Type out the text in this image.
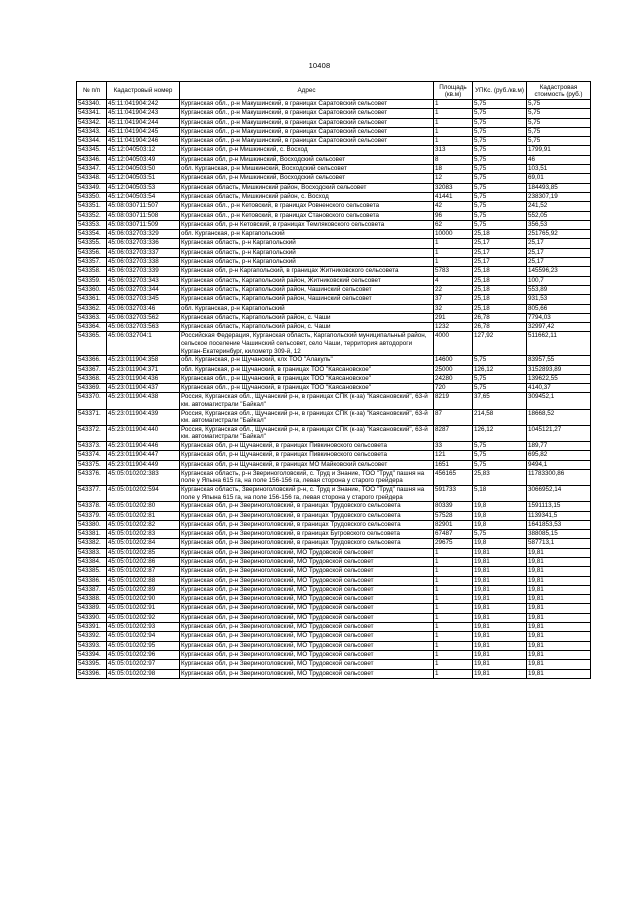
10408
№ п/п	Кадастровый номер	Адрес	Площадь (кв.м)	УПКс. (руб./кв.м)	Кадастровая стоимость (руб.)
543340.	45:11:041904:242	Курганская обл., р-н Макушинский, в границах Саратовский сельсовет	1	5,75	5,75
543341.	45:11:041904:243	Курганская обл., р-н Макушинский, в границах Саратовский сельсовет	1	5,75	5,75
543342.	45:11:041904:244	Курганская обл., р-н Макушинский, в границах Саратовский сельсовет	1	5,75	5,75
543343.	45:11:041904:245	Курганская обл., р-н Макушинский, в границах Саратовский сельсовет	1	5,75	5,75
543344.	45:11:041904:246	Курганская обл., р-н Макушинский, в границах Саратовский сельсовет	1	5,75	5,75
543345.	45:12:040503:12	Курганская обл, р-н Мишкинский, с. Восход	313	5,75	1799,91
543346.	45:12:040503:49	Курганская обл, р-н Мишкинский, Восходский сельсовет	8	5,75	46
543347.	45:12:040503:50	обл. Курганская, р-н Мишкинский, Восходский сельсовет	18	5,75	103,51
543348.	45:12:040503:51	Курганская обл, р-н Мишкинский, Восходский сельсовет	12	5,75	69,01
543349.	45:12:040503:53	Курганская область, Мишкинский район, Восходский сельсовет	32083	5,75	184493,85
543350.	45:12:040503:54	Курганская область, Мишкинский район, с. Восход	41441	5,75	238307,19
543351.	45:08:030711:507	Курганская обл., р-н Кетовский, в границах Ровненского сельсовета	42	5,75	241,52
543352.	45:08:030711:508	Курганская обл., р-н Кетовский, в границах Становского сельсовета	96	5,75	552,05
543353.	45:08:030711:509	Курганская обл, р-н Кетовский, в границах Темляковского сельсовета	62	5,75	356,53
543354.	45:06:032703:329	обл. Курганская, р-н Каргапольский	10000	25,18	251765,92
543355.	45:06:032703:336	Курганская область, р-н Каргапольский	1	25,17	25,17
543356.	45:06:032703:337	Курганская область, р-н Каргапольский	1	25,17	25,17
543357.	45:06:032703:338	Курганская область, р-н Каргапольский	1	25,17	25,17
543358.	45:06:032703:339	Курганская обл, р-н Каргапольский, в границах Житниковского сельсовета	5783	25,18	145596,23
543359.	45:06:032703:343	Курганская область, Каргапольский район, Житниковский сельсовет	4	25,18	100,7
543360.	45:06:032703:344	Курганская область, Каргапольский район, Чашинский сельсовет	22	25,18	553,89
543361.	45:06:032703:345	Курганская область, Каргапольский район, Чашинский сельсовет	37	25,18	931,53
543362.	45:06:032703:46	обл. Курганская, р-н Каргапольский	32	25,18	805,66
543363.	45:06:032703:562	Курганская область, Каргапольский район, с. Чаши	291	26,78	7794,03
543364.	45:06:032703:563	Курганская область, Каргапольский район, с. Чаши	1232	26,78	32997,42
543365.	45:06:032704:1	Российская Федерация, Курганская область, Каргапольский муниципальный район, сельское поселение Чашинский сельсовет, село Чаши, территория автодороги Курган-Екатеринбург, километр 309-й, 12	4000	127,92	511662,11
543366.	45:23:011904:358	обл. Курганская, р-н Щучанский, клх ТОО "Алакуль"	14600	5,75	83957,55
543367.	45:23:011904:371	обл. Курганская, р-н Щучанский, в границах ТОО "Каясановское"	25000	126,12	3152893,89
543368.	45:23:011904:436	Курганская обл., р-н Щучанский, в границах ТОО "Каясановское"	24280	5,75	139622,55
543369.	45:23:011904:437	Курганская обл., р-н Щучанский, в границах ТОО "Каясановское"	720	5,75	4140,37
543370.	45:23:011904:438	Россия, Курганская обл., Щучанский р-н, в границах СПК (к-за) "Каясановский", 63-й км. автомагистрали "Байкал"	8219	37,65	309452,1
543371.	45:23:011904:439	Россия, Курганская обл., Щучанский р-н, в границах СПК (к-за) "Каясановский", 63-й км. автомагистрали "Байкал"	87	214,58	18668,52
543372.	45:23:011904:440	Россия, Курганская обл., Щучанский р-н, в границах СПК (к-за) "Каясановский", 63-й км. автомагистрали "Байкал"	8287	126,12	1045121,27
543373.	45:23:011904:446	Курганская обл, р-н Щучанский, в границах Пивкиновского сельсовета	33	5,75	189,77
543374.	45:23:011904:447	Курганская обл, р-н Щучанский, в границах Пивкиновского сельсовета	121	5,75	695,82
543375.	45:23:011904:449	Курганская обл, р-н Щучанский, в границах МО Майковский сельсовет	1651	5,75	9494,1
543376.	45:05:010202:383	Курганская область, р-н Звериноголовский, с. Труд и Знание, ТОО "Труд" пашня на поле у Япына 615 га, на поле 156-156 га, левая сторона у старого грейдера	456165	25,83	11783300,86
543377.	45:05:010202:594	Курганская область, Звериноголовский р-н, с. Труд и Знание, ТОО "Труд" пашня на поле у Япына 615 га, на поле 156-156 га, левая сторона у старого грейдера	591733	5,18	3066952,14
543378.	45:05:010202:80	Курганская обл, р-н Звериноголовский, в границах Трудовского сельсовета	80339	19,8	1591113,15
543379.	45:05:010202:81	Курганская обл, р-н Звериноголовский, в границах Трудовского сельсовета	57528	19,8	1139341,5
543380.	45:05:010202:82	Курганская обл, р-н Звериноголовский, в границах Трудовского сельсовета	82901	19,8	1641853,53
543381.	45:05:010202:83	Курганская обл, р-н Звериноголовский, в границах Бугровского сельсовета	67487	5,75	388085,15
543382.	45:05:010202:84	Курганская обл, р-н Звериноголовский, в границах Трудовского сельсовета	29675	19,8	587713,1
543383.	45:05:010202:85	Курганская обл, р-н Звериноголовский, МО Трудовской сельсовет	1	19,81	19,81
543384.	45:05:010202:86	Курганская обл, р-н Звериноголовский, МО Трудовской сельсовет	1	19,81	19,81
543385.	45:05:010202:87	Курганская обл, р-н Звериноголовский, МО Трудовской сельсовет	1	19,81	19,81
543386.	45:05:010202:88	Курганская обл, р-н Звериноголовский, МО Трудовской сельсовет	1	19,81	19,81
543387.	45:05:010202:89	Курганская обл, р-н Звериноголовский, МО Трудовской сельсовет	1	19,81	19,81
543388.	45:05:010202:90	Курганская обл, р-н Звериноголовский, МО Трудовской сельсовет	1	19,81	19,81
543389.	45:05:010202:91	Курганская обл, р-н Звериноголовский, МО Трудовской сельсовет	1	19,81	19,81
543390.	45:05:010202:92	Курганская обл, р-н Звериноголовский, МО Трудовской сельсовет	1	19,81	19,81
543391.	45:05:010202:93	Курганская обл, р-н Звериноголовский, МО Трудовской сельсовет	1	19,81	19,81
543392.	45:05:010202:94	Курганская обл, р-н Звериноголовский, МО Трудовской сельсовет	1	19,81	19,81
543393.	45:05:010202:95	Курганская обл, р-н Звериноголовский, МО Трудовской сельсовет	1	19,81	19,81
543394.	45:05:010202:96	Курганская обл, р-н Звериноголовский, МО Трудовской сельсовет	1	19,81	19,81
543395.	45:05:010202:97	Курганская обл, р-н Звериноголовский, МО Трудовской сельсовет	1	19,81	19,81
543396.	45:05:010202:98	Курганская обл, р-н Звериноголовский, МО Трудовской сельсовет	1	19,81	19,81
